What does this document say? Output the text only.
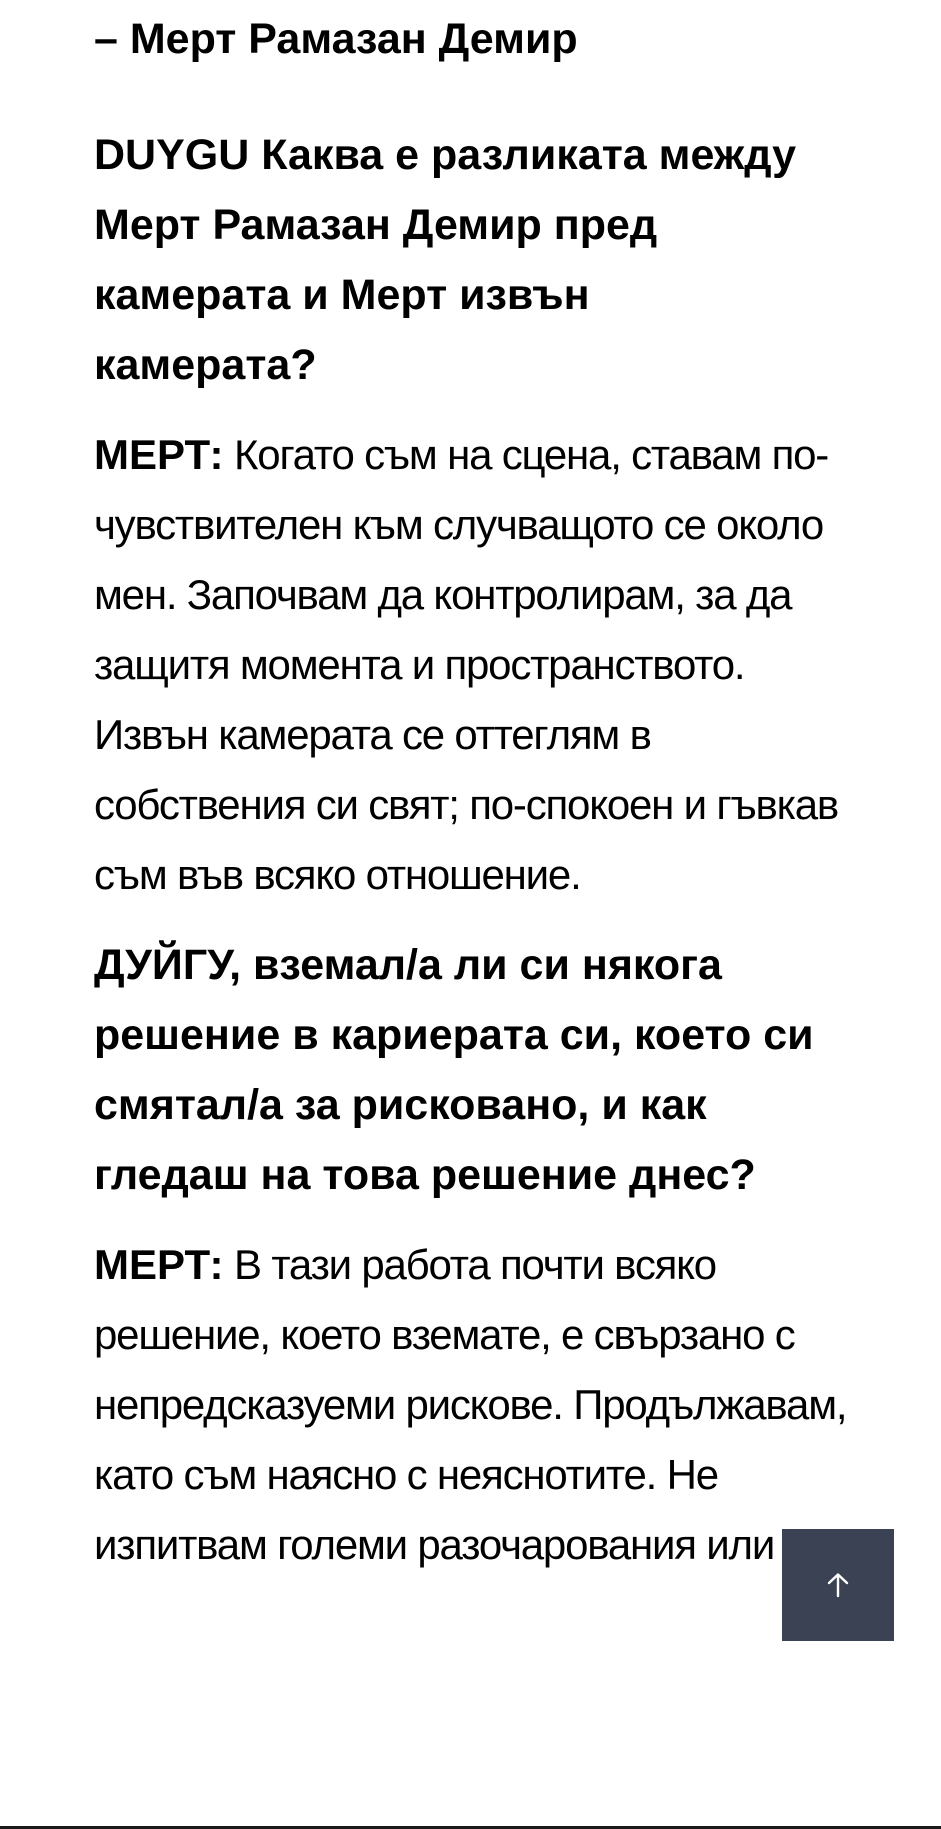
– Мерт Рамазан Демир

DUYGU Каква е разликата между Мерт Рамазан Демир пред камерата и Мерт извън камерата?

МЕРТ: Когато съм на сцена, ставам по-чувствителен към случващото се около мен. Започвам да контролирам, за да защитя момента и пространството. Извън камерата се оттеглям в собствения си свят; по-спокоен и гъвкав съм във всяко отношение.

ДУЙГУ, вземал/а ли си някога решение в кариерата си, което си смятал/а за рисковано, и как гледаш на това решение днес?

МЕРТ: В тази работа почти всяко решение, което вземате, е свързано с непредсказуеми рискове. Продължавам, като съм наясно с неяснотите. Не изпитвам големи разочарования или
